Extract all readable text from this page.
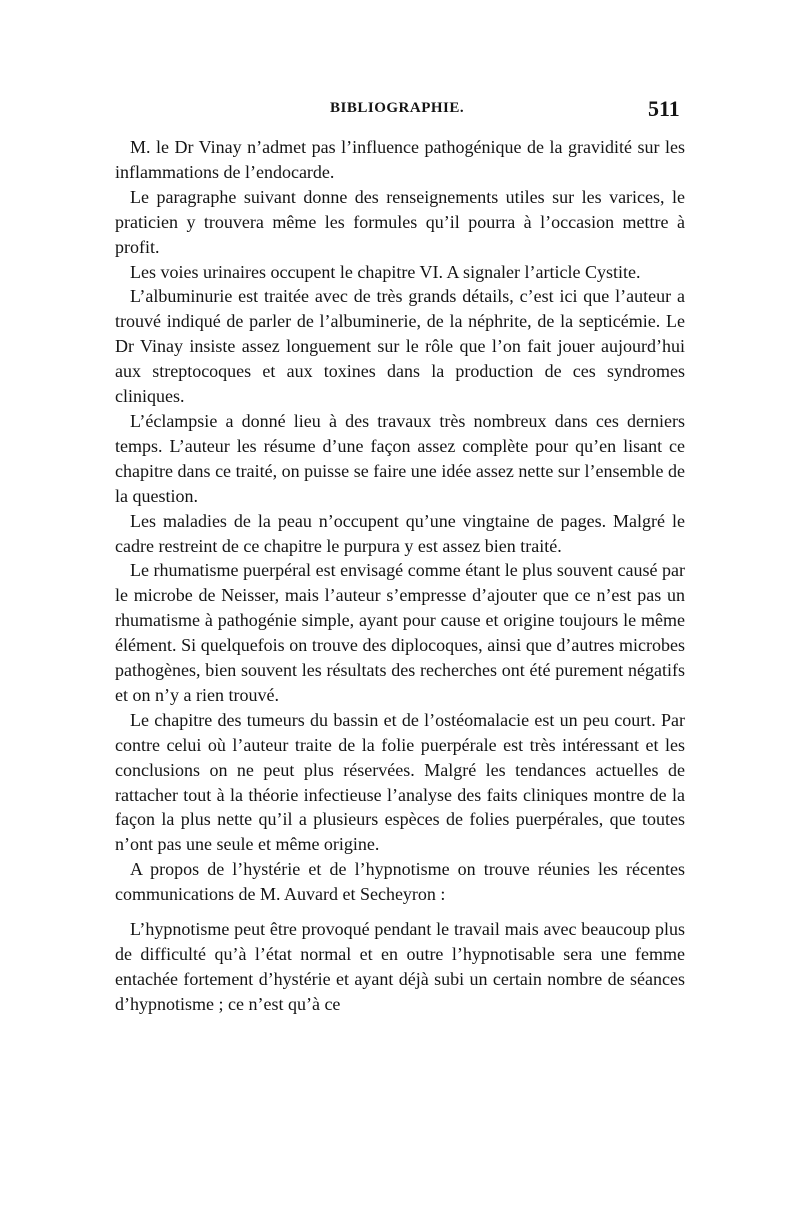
BIBLIOGRAPHIE.	511

M. le Dr Vinay n’admet pas l’influence pathogénique de la gravidité sur les inflammations de l’endocarde.

Le paragraphe suivant donne des renseignements utiles sur les varices, le praticien y trouvera même les formules qu’il pourra à l’occasion mettre à profit.

Les voies urinaires occupent le chapitre VI. A signaler l’article Cystite.

L’albuminurie est traitée avec de très grands détails, c’est ici que l’auteur a trouvé indiqué de parler de l’albuminerie, de la néphrite, de la septicémie. Le Dr Vinay insiste assez longuement sur le rôle que l’on fait jouer aujourd’hui aux streptocoques et aux toxines dans la production de ces syndromes cliniques.

L’éclampsie a donné lieu à des travaux très nombreux dans ces derniers temps. L’auteur les résume d’une façon assez complète pour qu’en lisant ce chapitre dans ce traité, on puisse se faire une idée assez nette sur l’ensemble de la question.

Les maladies de la peau n’occupent qu’une vingtaine de pages. Malgré le cadre restreint de ce chapitre le purpura y est assez bien traité.

Le rhumatisme puerpéral est envisagé comme étant le plus souvent causé par le microbe de Neisser, mais l’auteur s’empresse d’ajouter que ce n’est pas un rhumatisme à pathogénie simple, ayant pour cause et origine toujours le même élément. Si quelquefois on trouve des diplocoques, ainsi que d’autres microbes pathogènes, bien souvent les résultats des recherches ont été purement négatifs et on n’y a rien trouvé.

Le chapitre des tumeurs du bassin et de l’ostéomalacie est un peu court. Par contre celui où l’auteur traite de la folie puerpérale est très intéressant et les conclusions on ne peut plus réservées. Malgré les tendances actuelles de rattacher tout à la théorie infectieuse l’analyse des faits cliniques montre de la façon la plus nette qu’il a plusieurs espèces de folies puerpérales, que toutes n’ont pas une seule et même origine.

A propos de l’hystérie et de l’hypnotisme on trouve réunies les récentes communications de M. Auvard et Secheyron :

L’hypnotisme peut être provoqué pendant le travail mais avec beaucoup plus de difficulté qu’à l’état normal et en outre l’hypnotisable sera une femme entachée fortement d’hystérie et ayant déjà subi un certain nombre de séances d’hypnotisme ; ce n’est qu’à ce
